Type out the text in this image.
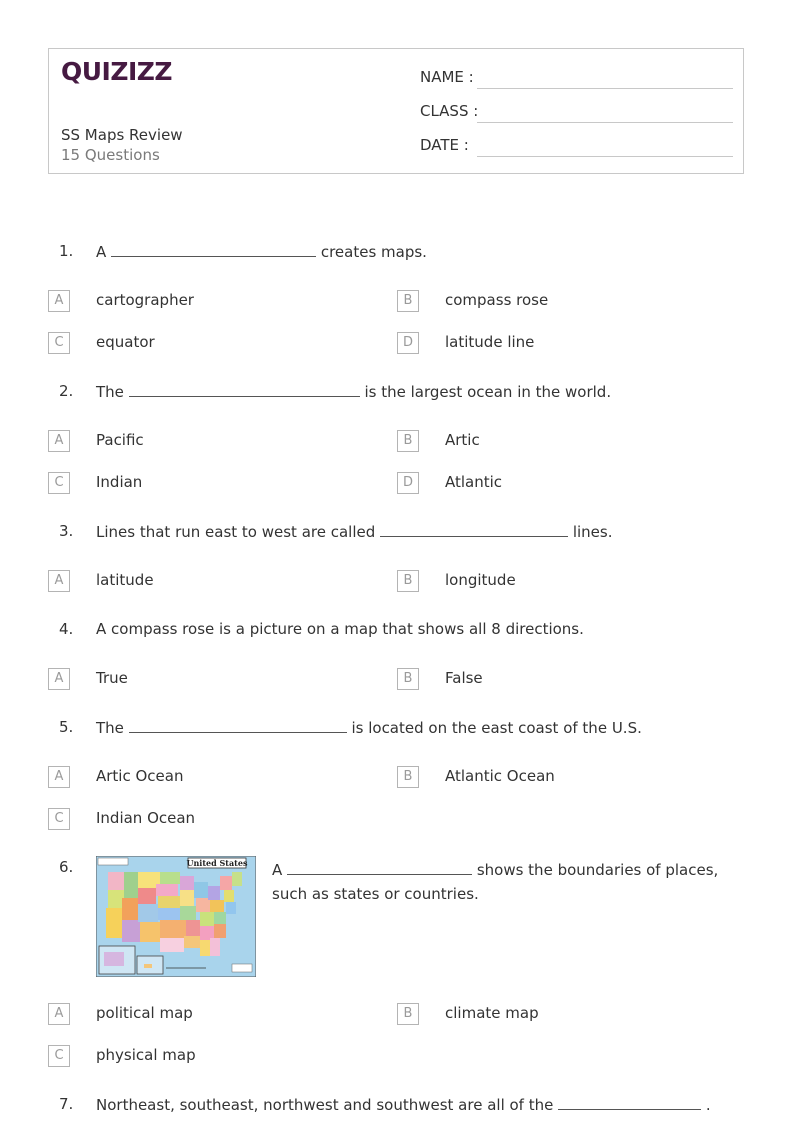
QUIZIZZ
SS Maps Review
15 Questions
NAME :
CLASS :
DATE :
1. A	creates maps.
A	cartographer	B	compass rose
C	equator	D	latitude line
2. The	is the largest ocean in the world.
A	Pacific	B	Artic
C	Indian	D	Atlantic
3. Lines that run east to west are called	lines.
A	latitude	B	longitude
4. A compass rose is a picture on a map that shows all 8 directions.
A	True	B	False
5. The	is located on the east coast of the U.S.
A	Artic Ocean	B	Atlantic Ocean
C	Indian Ocean
6.	United States A	shows the boundaries of places, such as states or countries.
A	political map	B	climate map
C	physical map
7. Northeast, southeast, northwest and southwest are all of the	.
